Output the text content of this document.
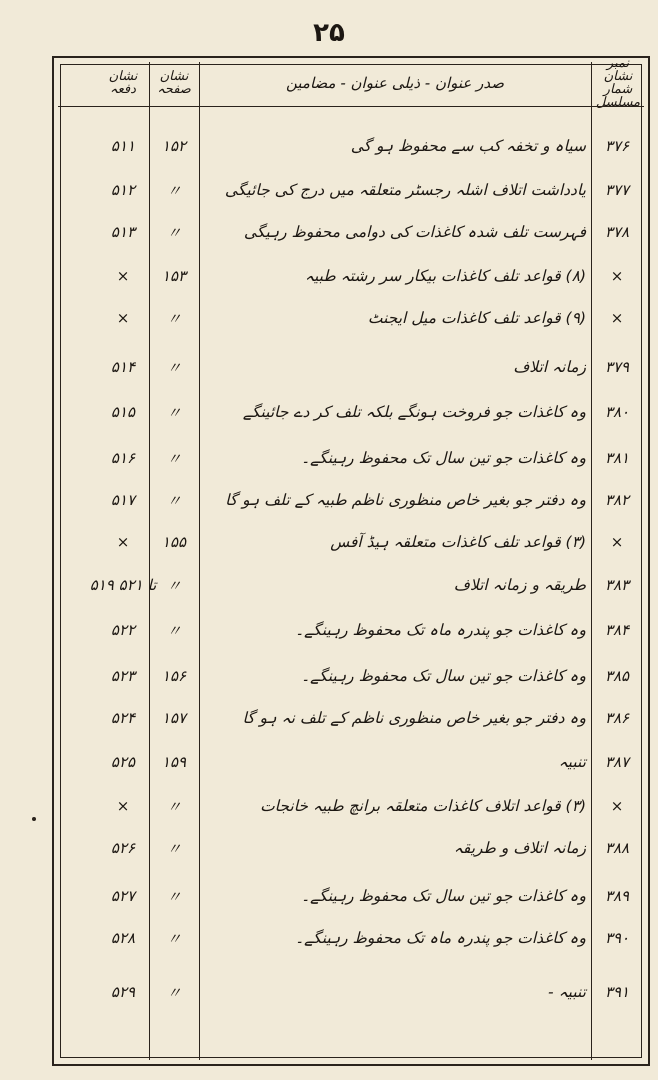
۲۵
نمبر نشان شمار مسلسل
صدر عنوان - ذیلی عنوان - مضامین
نشان صفحہ
نشان دفعہ
۳۷۶
سیاہ و تخفہ کب سے محفوظ ہو گی
۱۵۲
۵۱۱
۳۷۷
یادداشت اتلاف اشلہ رجسٹر متعلقہ میں درج کی جائیگی
〃
۵۱۲
۳۷۸
فہرست تلف شدہ کاغذات کی دوامی محفوظ رہیگی
〃
۵۱۳
×
(۸) قواعد تلف کاغذات بیکار سر رشتہ طبیہ
۱۵۳
×
×
(۹) قواعد تلف کاغذات میل ایجنٹ
〃
×
۳۷۹
زمانہ اتلاف
〃
۵۱۴
۳۸۰
وہ کاغذات جو فروخت ہونگے بلکہ تلف کر دے جائینگے
〃
۵۱۵
۳۸۱
وہ کاغذات جو تین سال تک محفوظ رہینگے۔
〃
۵۱۶
۳۸۲
وہ دفتر جو بغیر خاص منظوری ناظم طبیہ کے تلف ہو گا
〃
۵۱۷
×
(۳) قواعد تلف کاغذات متعلقہ ہیڈ آفس
۱۵۵
×
۳۸۳
طریقہ و زمانہ اتلاف
〃
۵۱۹ تا ۵۲۱
۳۸۴
وہ کاغذات جو پندرہ ماہ تک محفوظ رہینگے۔
〃
۵۲۲
۳۸۵
وہ کاغذات جو تین سال تک محفوظ رہینگے۔
۱۵۶
۵۲۳
۳۸۶
وہ دفتر جو بغیر خاص منظوری ناظم کے تلف نہ ہو گا
۱۵۷
۵۲۴
۳۸۷
تنبیہ
۱۵۹
۵۲۵
×
(۳) قواعد اتلاف کاغذات متعلقہ برانچ طبیہ خانجات
〃
×
۳۸۸
زمانہ اتلاف و طریقہ
〃
۵۲۶
۳۸۹
وہ کاغذات جو تین سال تک محفوظ رہینگے۔
〃
۵۲۷
۳۹۰
وہ کاغذات جو پندرہ ماہ تک محفوظ رہینگے۔
〃
۵۲۸
۳۹۱
تنبیہ -
〃
۵۲۹
